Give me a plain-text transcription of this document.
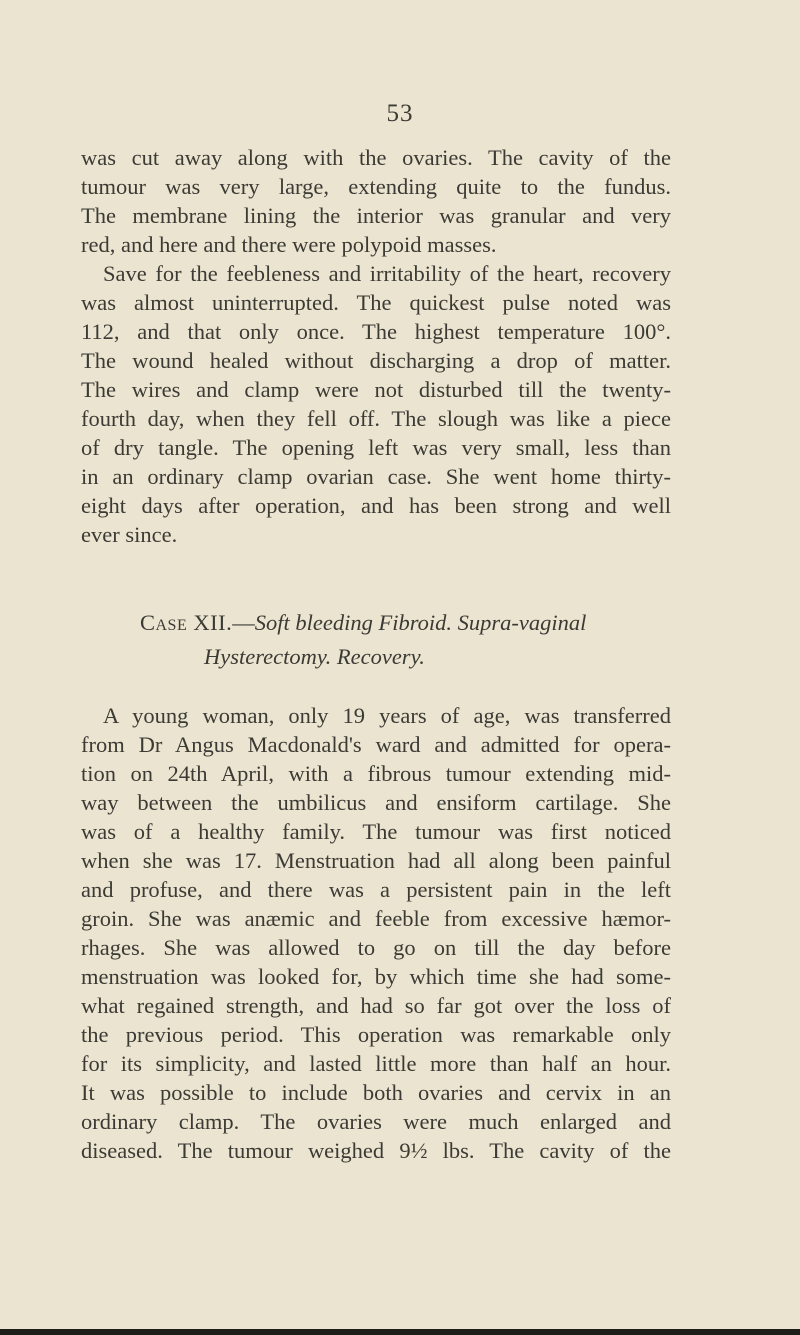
53
was cut away along with the ovaries. The cavity of the
tumour was very large, extending quite to the fundus.
The membrane lining the interior was granular and very
red, and here and there were polypoid masses.
Save for the feebleness and irritability of the heart, recovery
was almost uninterrupted. The quickest pulse noted was
112, and that only once. The highest temperature 100°.
The wound healed without discharging a drop of matter.
The wires and clamp were not disturbed till the twenty-
fourth day, when they fell off. The slough was like a piece
of dry tangle. The opening left was very small, less than
in an ordinary clamp ovarian case. She went home thirty-
eight days after operation, and has been strong and well
ever since.
Case XII.—Soft bleeding Fibroid. Supra-vaginal
Hysterectomy. Recovery.
A young woman, only 19 years of age, was transferred
from Dr Angus Macdonald's ward and admitted for opera-
tion on 24th April, with a fibrous tumour extending mid-
way between the umbilicus and ensiform cartilage. She
was of a healthy family. The tumour was first noticed
when she was 17. Menstruation had all along been painful
and profuse, and there was a persistent pain in the left
groin. She was anæmic and feeble from excessive hæmor-
rhages. She was allowed to go on till the day before
menstruation was looked for, by which time she had some-
what regained strength, and had so far got over the loss of
the previous period. This operation was remarkable only
for its simplicity, and lasted little more than half an hour.
It was possible to include both ovaries and cervix in an
ordinary clamp. The ovaries were much enlarged and
diseased. The tumour weighed 9½ lbs. The cavity of the
